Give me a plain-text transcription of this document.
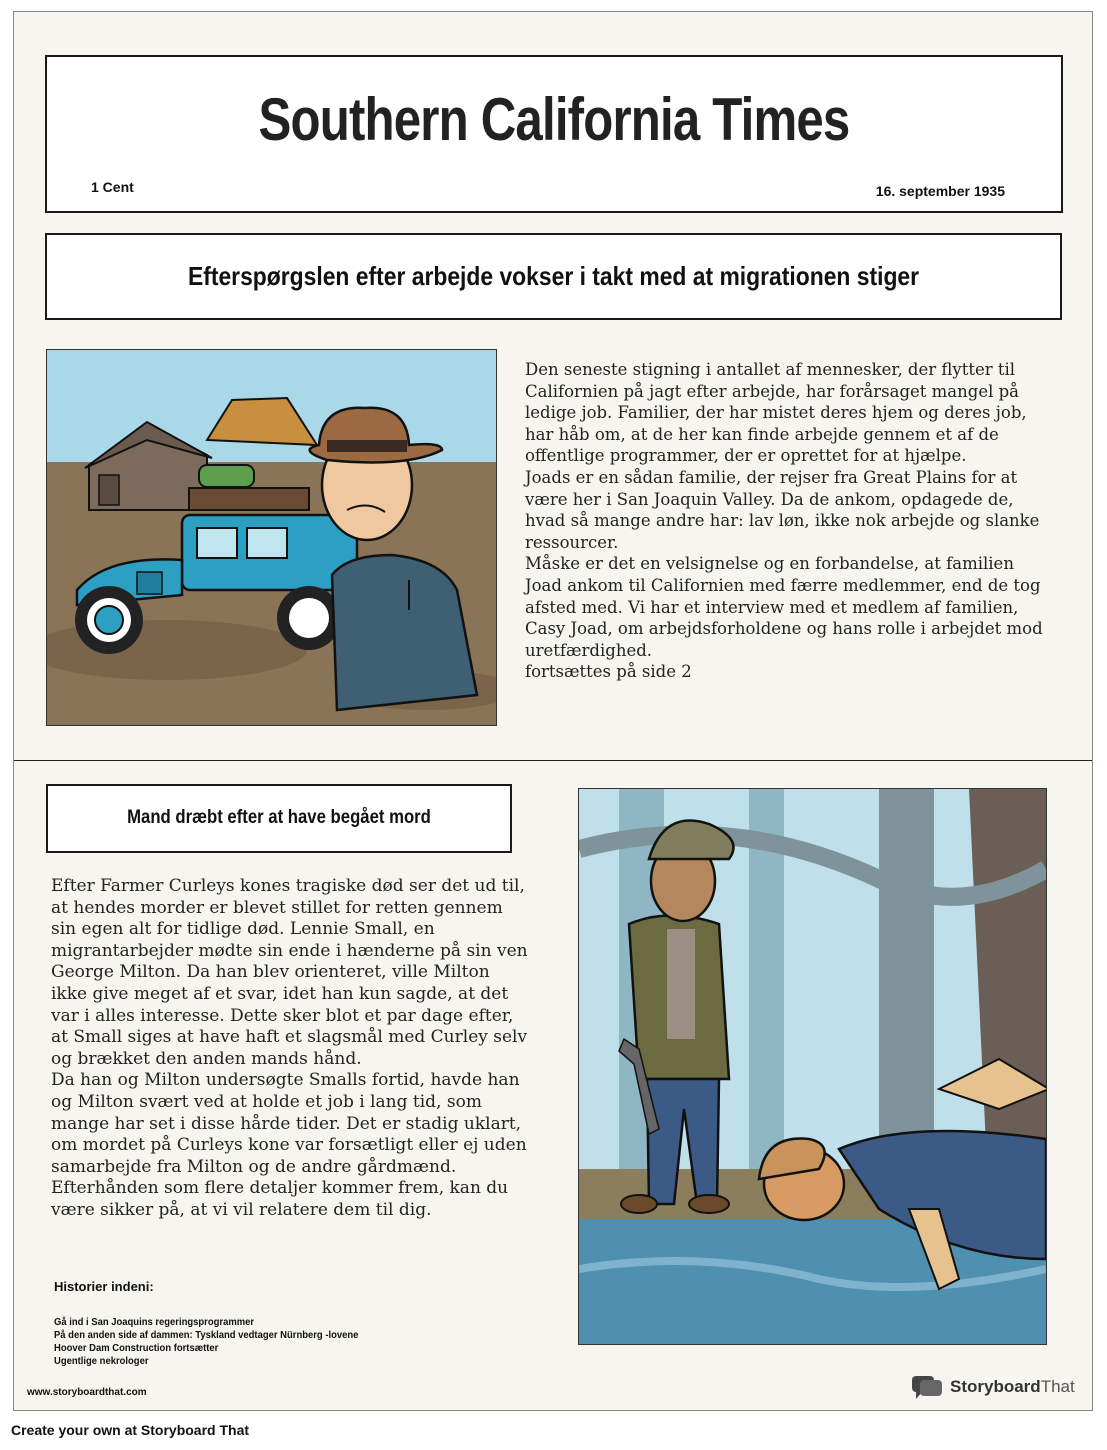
Southern California Times
1 Cent	16. september 1935
Efterspørgslen efter arbejde vokser i takt med at migrationen stiger
Den seneste stigning i antallet af mennesker, der flytter til Californien på jagt efter arbejde, har forårsaget mangel på ledige job. Familier, der har mistet deres hjem og deres job, har håb om, at de her kan finde arbejde gennem et af de offentlige programmer, der er oprettet for at hjælpe.
Joads er en sådan familie, der rejser fra Great Plains for at være her i San Joaquin Valley. Da de ankom, opdagede de, hvad så mange andre har: lav løn, ikke nok arbejde og slanke ressourcer.
Måske er det en velsignelse og en forbandelse, at familien Joad ankom til Californien med færre medlemmer, end de tog afsted med. Vi har et interview med et medlem af familien, Casy Joad, om arbejdsforholdene og hans rolle i arbejdet mod uretfærdighed.
fortsættes på side 2
Mand dræbt efter at have begået mord
Efter Farmer Curleys kones tragiske død ser det ud til, at hendes morder er blevet stillet for retten gennem sin egen alt for tidlige død. Lennie Small, en migrantarbejder mødte sin ende i hænderne på sin ven George Milton. Da han blev orienteret, ville Milton ikke give meget af et svar, idet han kun sagde, at det var i alles interesse. Dette sker blot et par dage efter, at Small siges at have haft et slagsmål med Curley selv og brækket den anden mands hånd.
Da han og Milton undersøgte Smalls fortid, havde han og Milton svært ved at holde et job i lang tid, som mange har set i disse hårde tider. Det er stadig uklart, om mordet på Curleys kone var forsætligt eller ej uden samarbejde fra Milton og de andre gårdmænd. Efterhånden som flere detaljer kommer frem, kan du være sikker på, at vi vil relatere dem til dig.
Historier indeni:
Gå ind i San Joaquins regeringsprogrammer
På den anden side af dammen: Tyskland vedtager Nürnberg -lovene
Hoover Dam Construction fortsætter
Ugentlige nekrologer
www.storyboardthat.com	StoryboardThat
Create your own at Storyboard That
